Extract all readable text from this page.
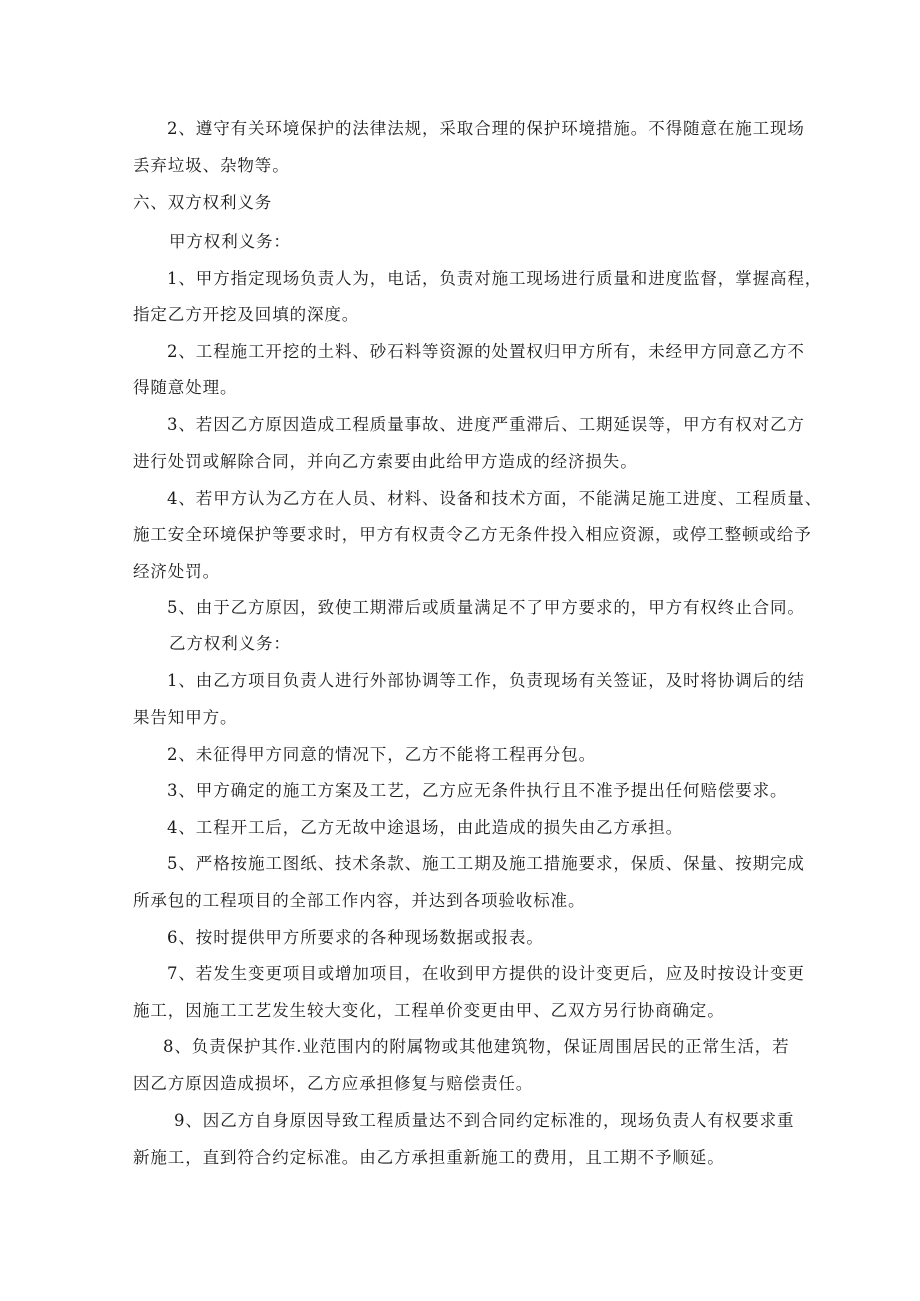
2、遵守有关环境保护的法律法规，采取合理的保护环境措施。不得随意在施工现场
丢弃垃圾、杂物等。
六、双方权利义务
甲方权利义务：
1、甲方指定现场负责人为，电话，负责对施工现场进行质量和进度监督，掌握高程，
指定乙方开挖及回填的深度。
2、工程施工开挖的土料、砂石料等资源的处置权归甲方所有，未经甲方同意乙方不
得随意处理。
3、若因乙方原因造成工程质量事故、进度严重滞后、工期延误等，甲方有权对乙方
进行处罚或解除合同，并向乙方索要由此给甲方造成的经济损失。
4、若甲方认为乙方在人员、材料、设备和技术方面，不能满足施工进度、工程质量、
施工安全环境保护等要求时，甲方有权责令乙方无条件投入相应资源，或停工整顿或给予
经济处罚。
5、由于乙方原因，致使工期滞后或质量满足不了甲方要求的，甲方有权终止合同。
乙方权利义务：
1、由乙方项目负责人进行外部协调等工作，负责现场有关签证，及时将协调后的结
果告知甲方。
2、未征得甲方同意的情况下，乙方不能将工程再分包。
3、甲方确定的施工方案及工艺，乙方应无条件执行且不准予提出任何赔偿要求。
4、工程开工后，乙方无故中途退场，由此造成的损失由乙方承担。
5、严格按施工图纸、技术条款、施工工期及施工措施要求，保质、保量、按期完成
所承包的工程项目的全部工作内容，并达到各项验收标准。
6、按时提供甲方所要求的各种现场数据或报表。
7、若发生变更项目或增加项目，在收到甲方提供的设计变更后，应及时按设计变更
施工，因施工工艺发生较大变化，工程单价变更由甲、乙双方另行协商确定。
8、负责保护其作.业范围内的附属物或其他建筑物，保证周围居民的正常生活，若
因乙方原因造成损坏，乙方应承担修复与赔偿责任。
9、因乙方自身原因导致工程质量达不到合同约定标准的，现场负责人有权要求重
新施工，直到符合约定标准。由乙方承担重新施工的费用，且工期不予顺延。
